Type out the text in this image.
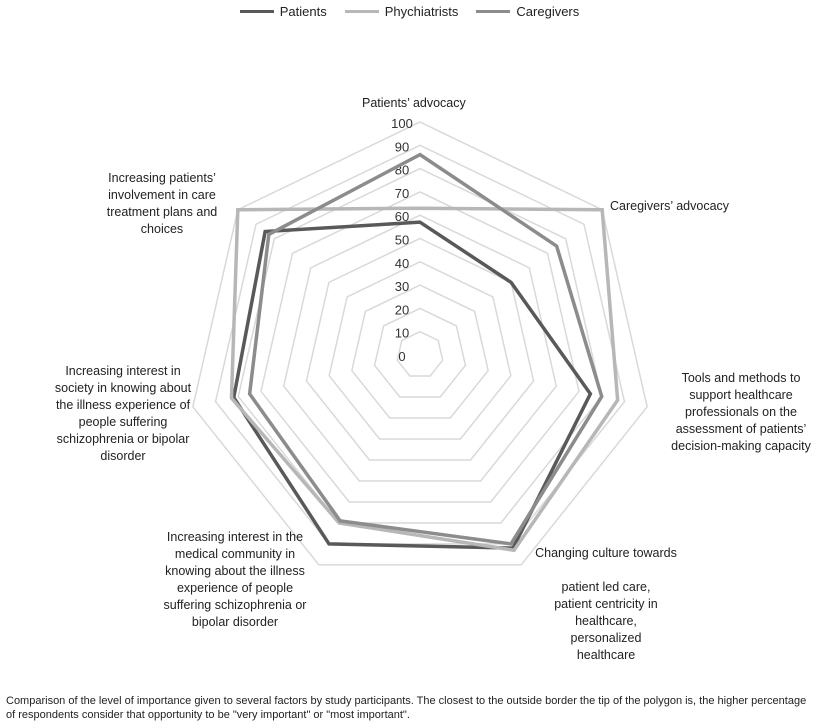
Patients	Phychiatrists	Caregivers
0
10
20
30
40
50
60
70
80
90
100
Patients’ advocacy
Caregivers’ advocacy
Tools and methods to
support healthcare
professionals on the
assessment of patients’
decision-making capacity
Changing culture towards

patient led care,
patient centricity in
healthcare,
personalized
healthcare
Increasing interest in the
medical community in
knowing about the illness
experience of people
suffering schizophrenia or
bipolar disorder
Increasing interest in
society in knowing about
the illness experience of
people suffering
schizophrenia or bipolar
disorder
Increasing patients’
involvement in care
treatment plans and
choices
Comparison of the level of importance given to several factors by study participants. The closest to the outside border the tip of the polygon is, the higher percentage of respondents consider that opportunity to be "very important" or "most important".
